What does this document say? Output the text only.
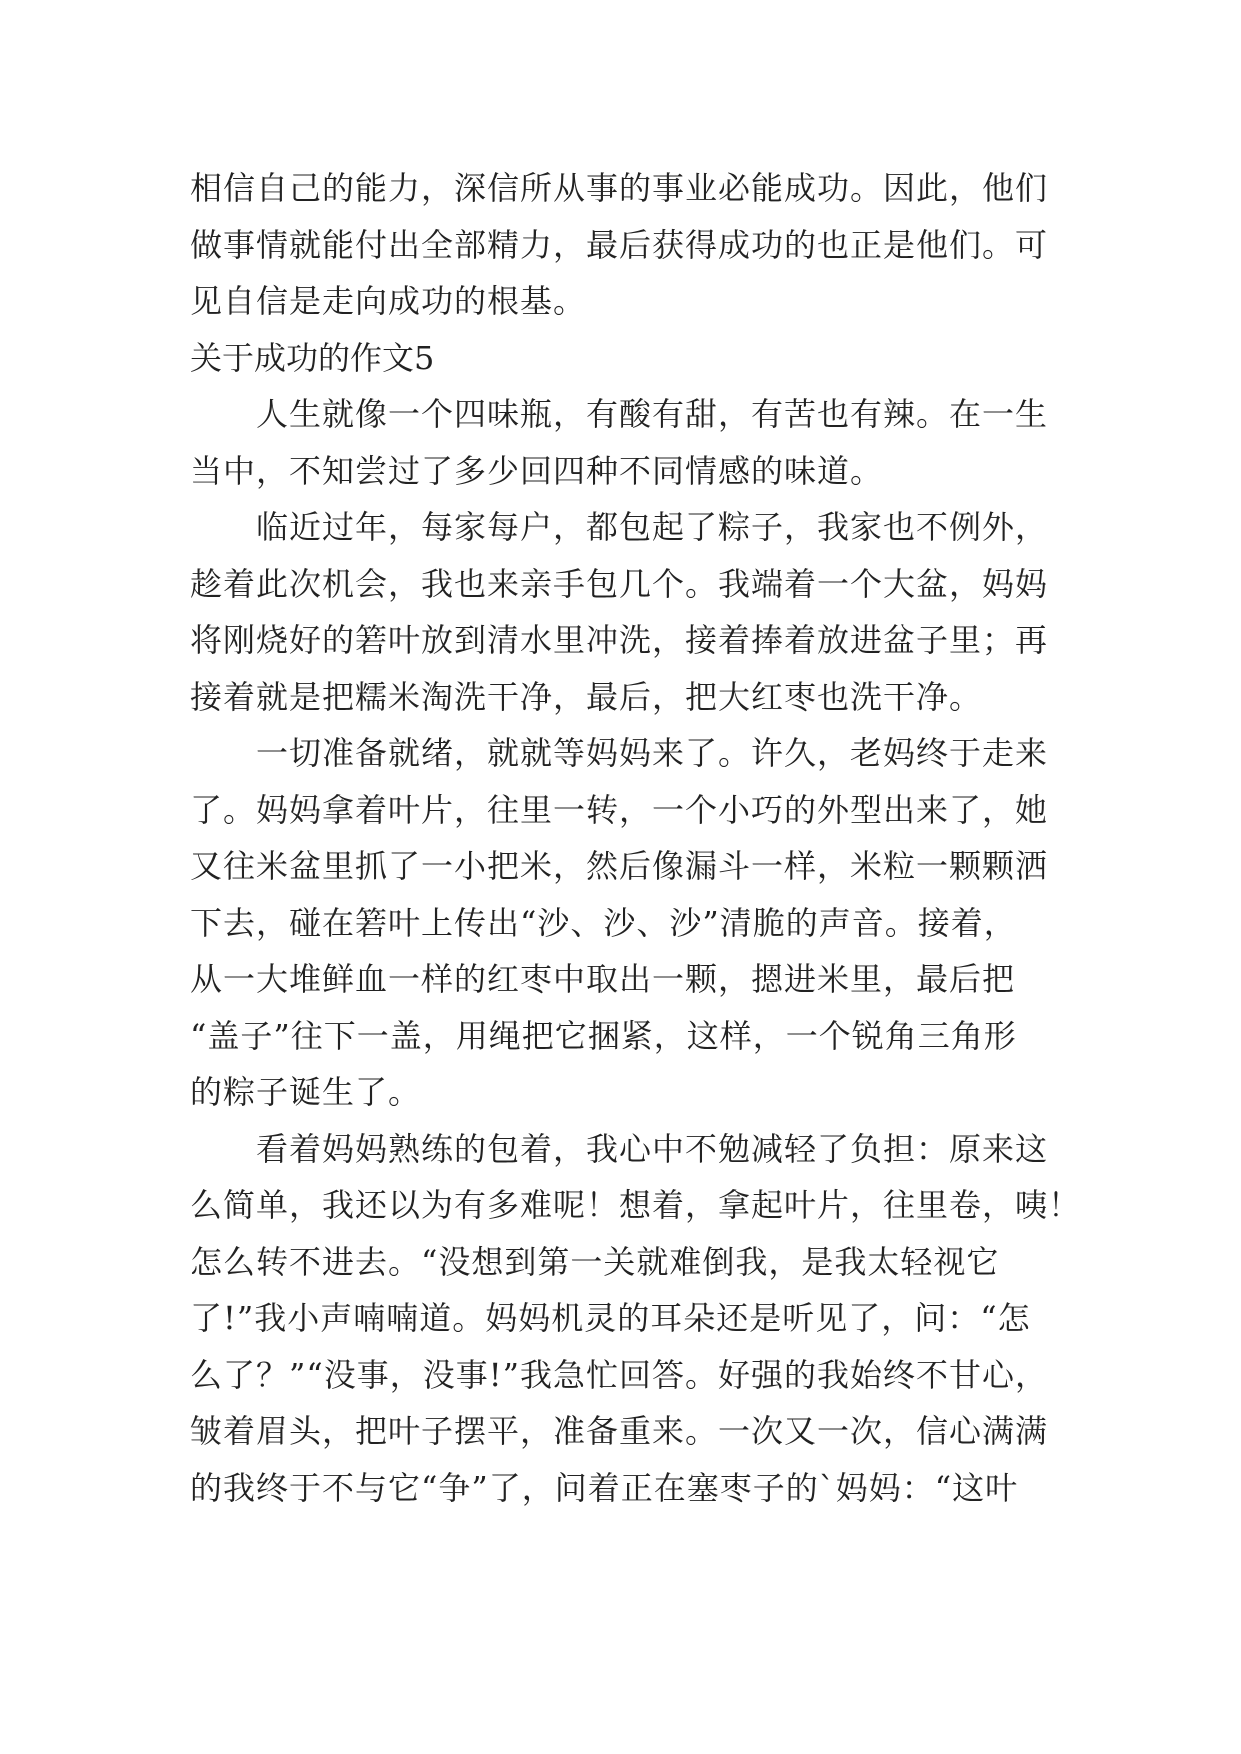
相信自己的能力，深信所从事的事业必能成功。因此，他们
做事情就能付出全部精力，最后获得成功的也正是他们。可
见自信是走向成功的根基。
关于成功的作文5
　　人生就像一个四味瓶，有酸有甜，有苦也有辣。在一生
当中，不知尝过了多少回四种不同情感的味道。
　　临近过年，每家每户，都包起了粽子，我家也不例外，
趁着此次机会，我也来亲手包几个。我端着一个大盆，妈妈
将刚烧好的箬叶放到清水里冲洗，接着捧着放进盆子里；再
接着就是把糯米淘洗干净，最后，把大红枣也洗干净。
　　一切准备就绪，就就等妈妈来了。许久，老妈终于走来
了。妈妈拿着叶片，往里一转，一个小巧的外型出来了，她
又往米盆里抓了一小把米，然后像漏斗一样，米粒一颗颗洒
下去，碰在箬叶上传出“沙、沙、沙”清脆的声音。接着，
从一大堆鲜血一样的红枣中取出一颗，摁进米里，最后把
“盖子”往下一盖，用绳把它捆紧，这样，一个锐角三角形
的粽子诞生了。
　　看着妈妈熟练的包着，我心中不勉减轻了负担：原来这
么简单，我还以为有多难呢！想着，拿起叶片，往里卷，咦！
怎么转不进去。“没想到第一关就难倒我，是我太轻视它
了!”我小声喃喃道。妈妈机灵的耳朵还是听见了，问：“怎
么了？”“没事，没事!”我急忙回答。好强的我始终不甘心，
皱着眉头，把叶子摆平，准备重来。一次又一次，信心满满
的我终于不与它“争”了，问着正在塞枣子的`妈妈：“这叶
